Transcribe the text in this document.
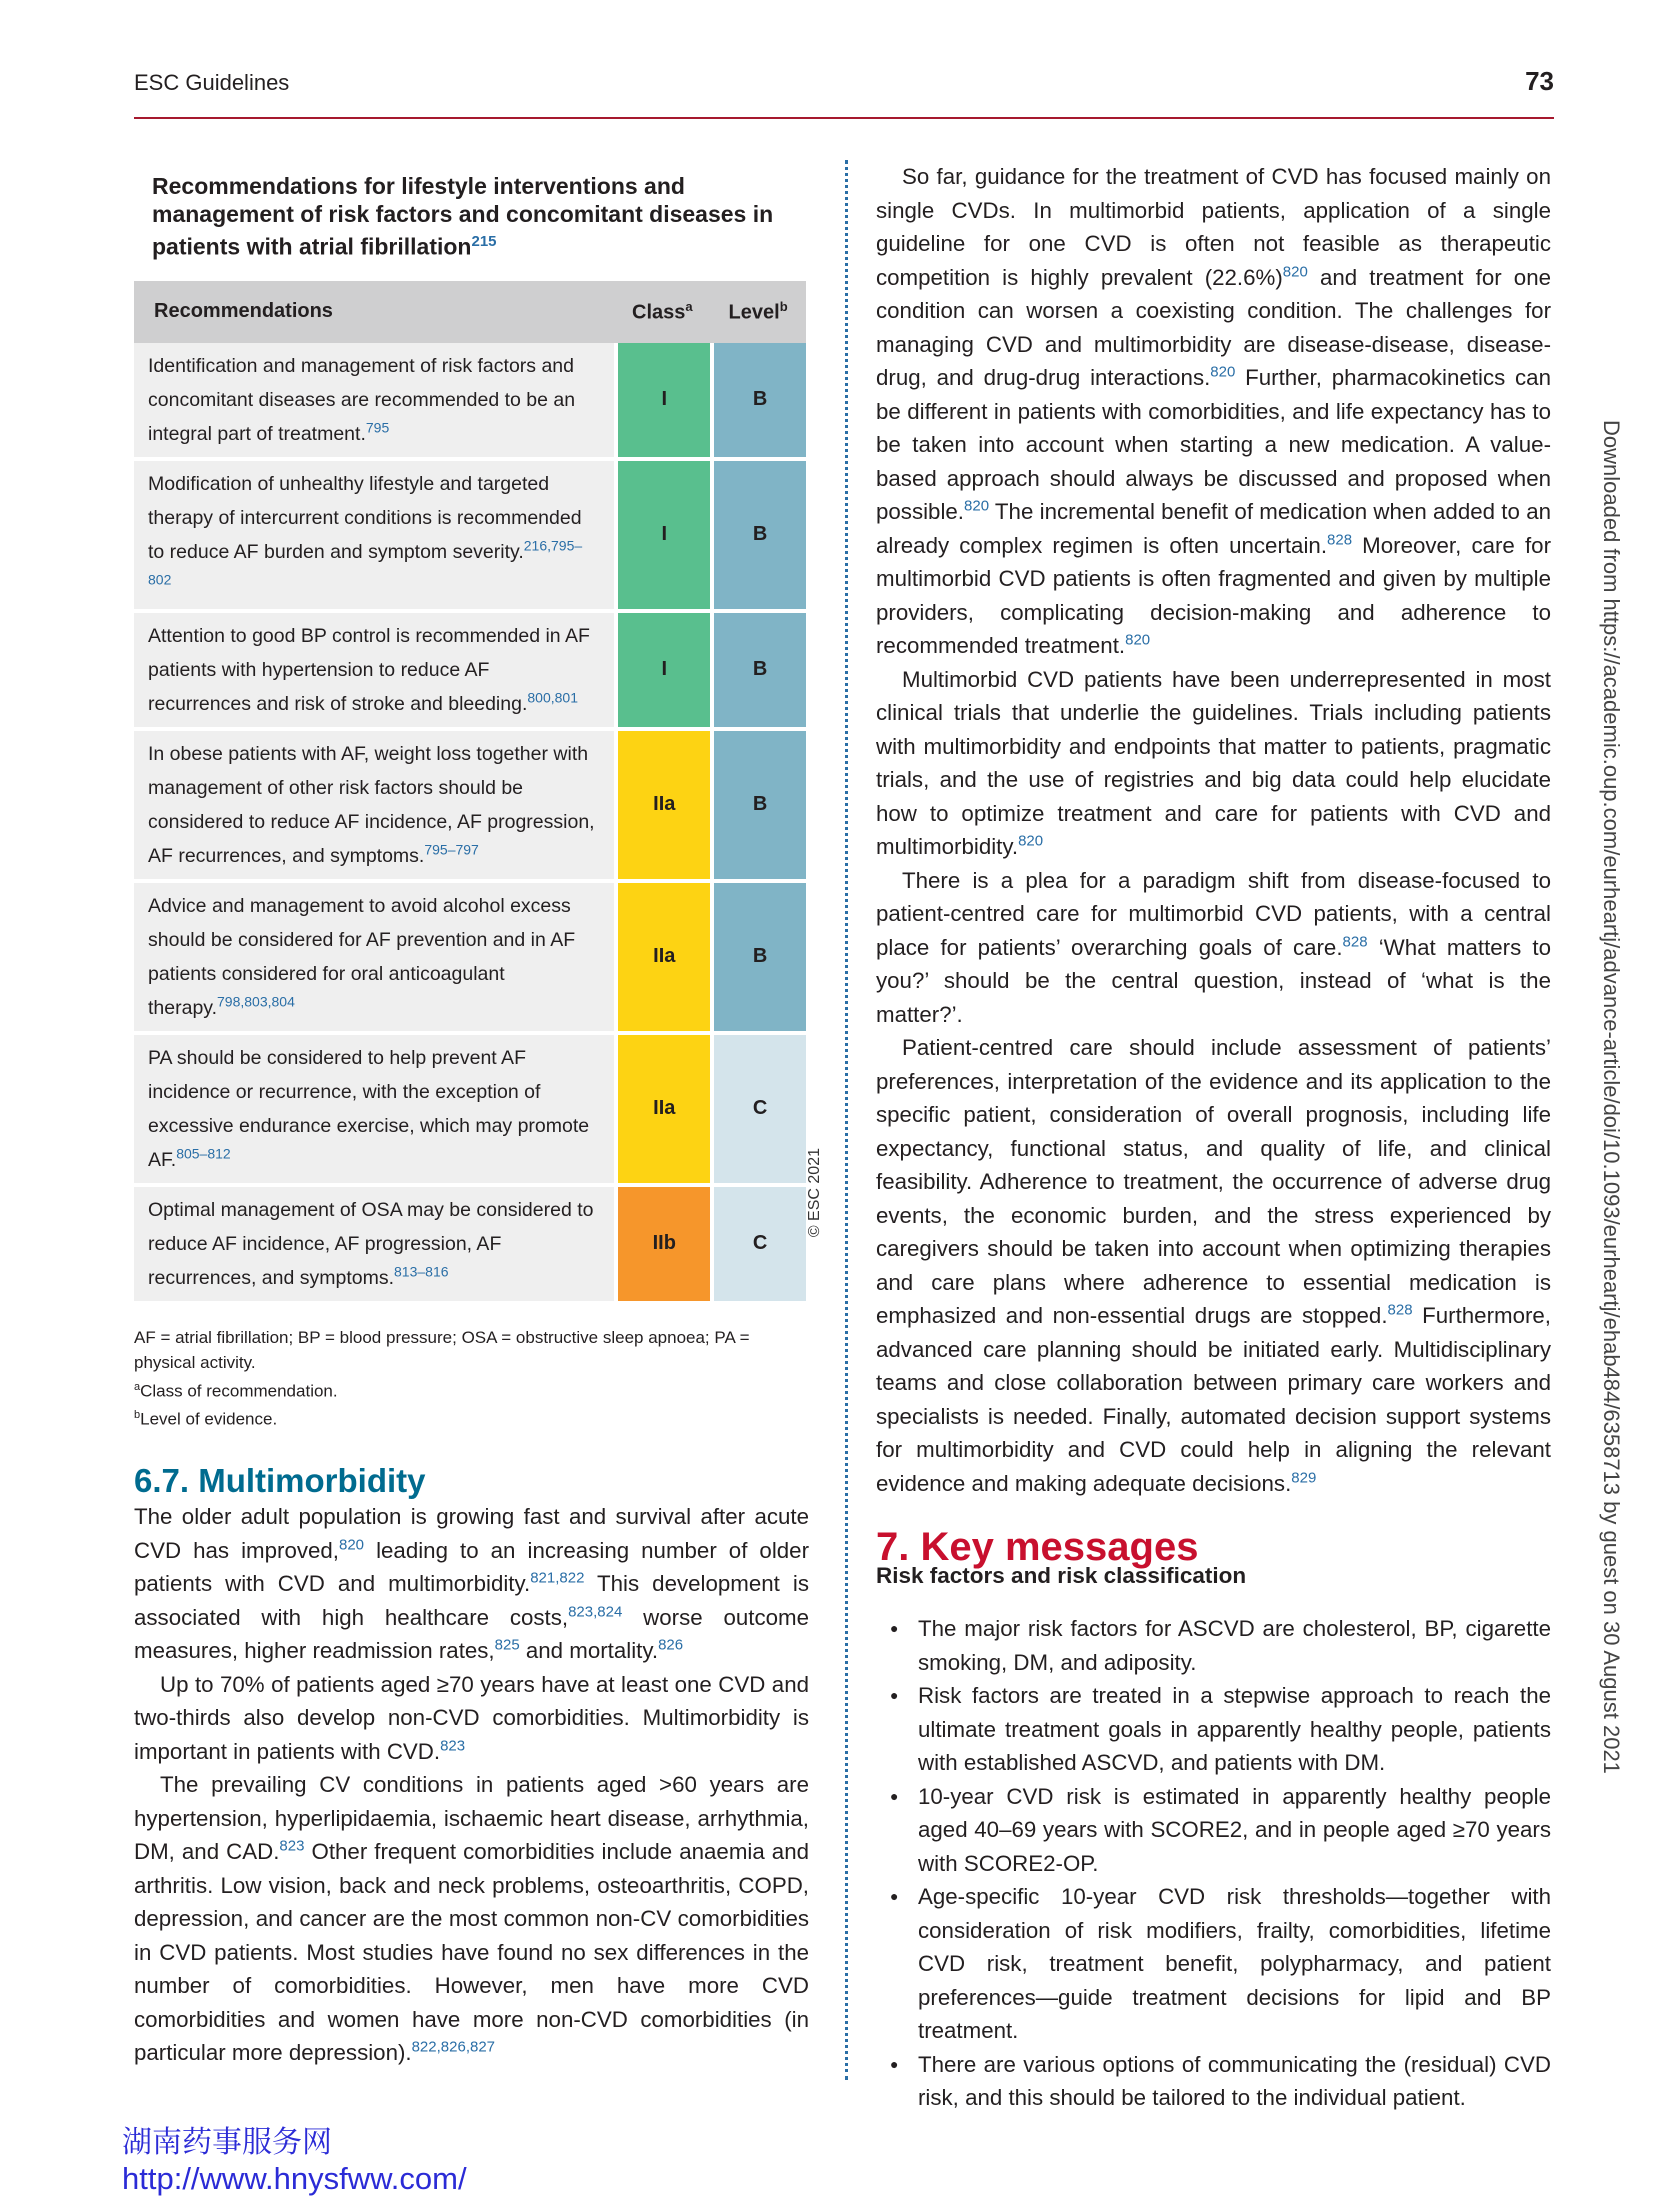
ESC Guidelines	73
Recommendations for lifestyle interventions and management of risk factors and concomitant diseases in patients with atrial fibrillation$^{215}$
Recommendations	Class$^a$	Level$^b$
Identification and management of risk factors and concomitant diseases are recommended to be an integral part of treatment.$^{795}$	I	B
Modification of unhealthy lifestyle and targeted therapy of intercurrent conditions is recommended to reduce AF burden and symptom severity.$^{216,795-802}$	I	B
Attention to good BP control is recommended in AF patients with hypertension to reduce AF recurrences and risk of stroke and bleeding.$^{800,801}$	I	B
In obese patients with AF, weight loss together with management of other risk factors should be considered to reduce AF incidence, AF progression, AF recurrences, and symptoms.$^{795-797}$	IIa	B
Advice and management to avoid alcohol excess should be considered for AF prevention and in AF patients considered for oral anticoagulant therapy.$^{798,803,804}$	IIa	B
PA should be considered to help prevent AF incidence or recurrence, with the exception of excessive endurance exercise, which may promote AF.$^{805-812}$	IIa	C
Optimal management of OSA may be considered to reduce AF incidence, AF progression, AF recurrences, and symptoms.$^{813-816}$	IIb	C
AF = atrial fibrillation; BP = blood pressure; OSA = obstructive sleep apnoea; PA = physical activity.
$^a$Class of recommendation.
$^b$Level of evidence.
© ESC 2021
6.7. Multimorbidity

The older adult population is growing fast and survival after acute CVD has improved,$^{820}$ leading to an increasing number of older patients with CVD and multimorbidity.$^{821,822}$ This development is associated with high healthcare costs,$^{823,824}$ worse outcome measures, higher readmission rates,$^{825}$ and mortality.$^{826}$

Up to 70% of patients aged ≥70 years have at least one CVD and two-thirds also develop non-CVD comorbidities. Multimorbidity is important in patients with CVD.$^{823}$

The prevailing CV conditions in patients aged >60 years are hypertension, hyperlipidaemia, ischaemic heart disease, arrhythmia, DM, and CAD.$^{823}$ Other frequent comorbidities include anaemia and arthritis. Low vision, back and neck problems, osteoarthritis, COPD, depression, and cancer are the most common non-CV comorbidities in CVD patients. Most studies have found no sex differences in the number of comorbidities. However, men have more CVD comorbidities and women have more non-CVD comorbidities (in particular more depression).$^{822,826,827}$

So far, guidance for the treatment of CVD has focused mainly on single CVDs. In multimorbid patients, application of a single guideline for one CVD is often not feasible as therapeutic competition is highly prevalent (22.6%)$^{820}$ and treatment for one condition can worsen a coexisting condition. The challenges for managing CVD and multimorbidity are disease-disease, disease-drug, and drug-drug interactions.$^{820}$ Further, pharmacokinetics can be different in patients with comorbidities, and life expectancy has to be taken into account when starting a new medication. A value-based approach should always be discussed and proposed when possible.$^{820}$ The incremental benefit of medication when added to an already complex regimen is often uncertain.$^{828}$ Moreover, care for multimorbid CVD patients is often fragmented and given by multiple providers, complicating decision-making and adherence to recommended treatment.$^{820}$

Multimorbid CVD patients have been underrepresented in most clinical trials that underlie the guidelines. Trials including patients with multimorbidity and endpoints that matter to patients, pragmatic trials, and the use of registries and big data could help elucidate how to optimize treatment and care for patients with CVD and multimorbidity.$^{820}$

There is a plea for a paradigm shift from disease-focused to patient-centred care for multimorbid CVD patients, with a central place for patients’ overarching goals of care.$^{828}$ ‘What matters to you?’ should be the central question, instead of ‘what is the matter?’.

Patient-centred care should include assessment of patients’ preferences, interpretation of the evidence and its application to the specific patient, consideration of overall prognosis, including life expectancy, functional status, and quality of life, and clinical feasibility. Adherence to treatment, the occurrence of adverse drug events, the economic burden, and the stress experienced by caregivers should be taken into account when optimizing therapies and care plans where adherence to essential medication is emphasized and non-essential drugs are stopped.$^{828}$ Furthermore, advanced care planning should be initiated early. Multidisciplinary teams and close collaboration between primary care workers and specialists is needed. Finally, automated decision support systems for multimorbidity and CVD could help in aligning the relevant evidence and making adequate decisions.$^{829}$

7. Key messages
Risk factors and risk classification
● The major risk factors for ASCVD are cholesterol, BP, cigarette smoking, DM, and adiposity.
● Risk factors are treated in a stepwise approach to reach the ultimate treatment goals in apparently healthy people, patients with established ASCVD, and patients with DM.
● 10-year CVD risk is estimated in apparently healthy people aged 40–69 years with SCORE2, and in people aged ≥70 years with SCORE2-OP.
● Age-specific 10-year CVD risk thresholds—together with consideration of risk modifiers, frailty, comorbidities, lifetime CVD risk, treatment benefit, polypharmacy, and patient preferences—guide treatment decisions for lipid and BP treatment.
● There are various options of communicating the (residual) CVD risk, and this should be tailored to the individual patient.
Downloaded from https://academic.oup.com/eurheartj/advance-article/doi/10.1093/eurheartj/ehab484/6358713 by guest on 30 August 2021
湖南药事服务网
http://www.hnysfww.com/
